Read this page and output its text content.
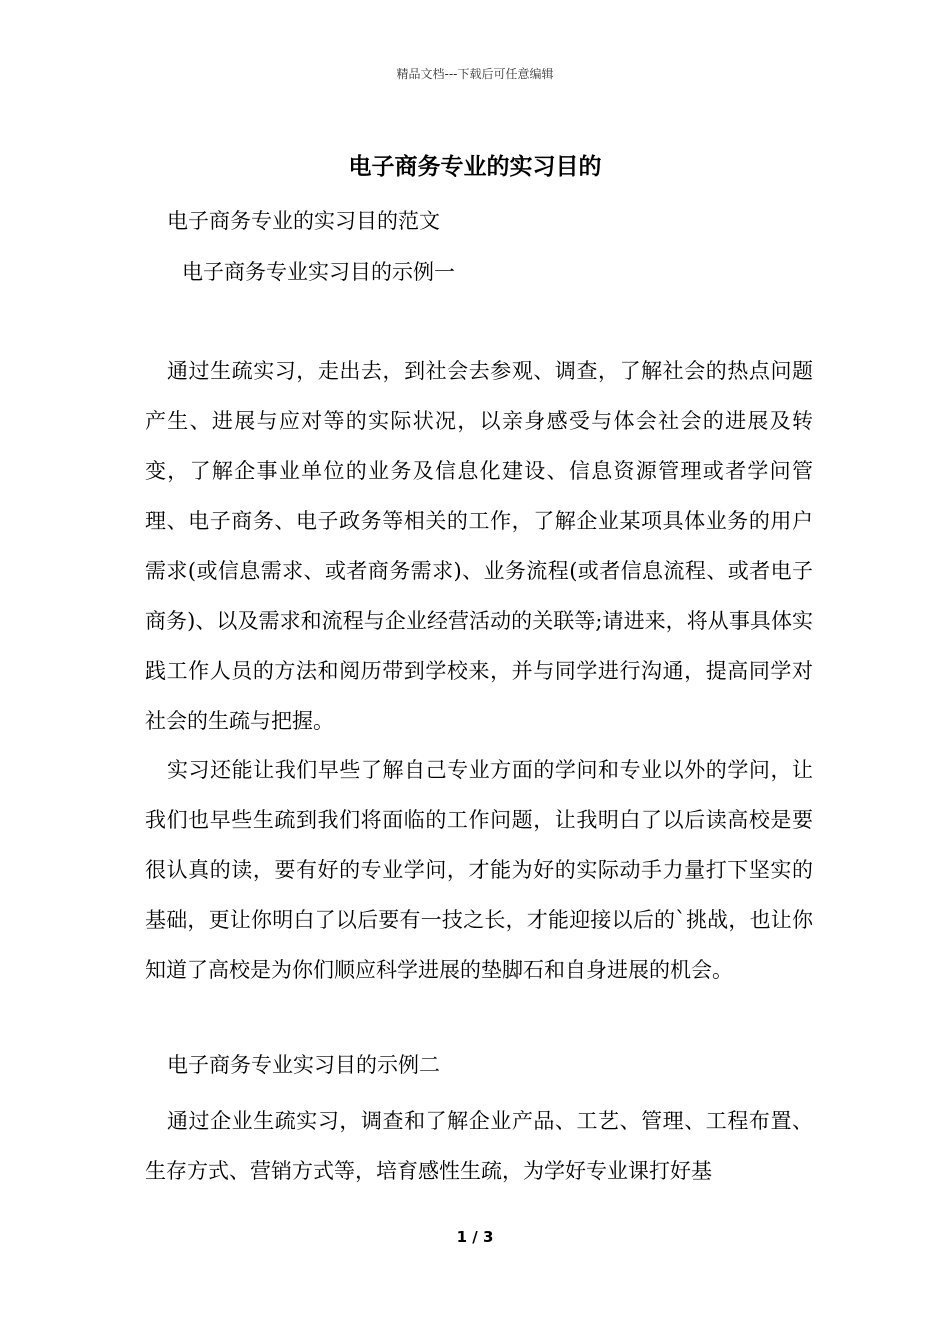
精品文档---下载后可任意编辑
电子商务专业的实习目的

电子商务专业的实习目的范文

电子商务专业实习目的示例一

通过生疏实习，走出去，到社会去参观、调查，了解社会的热点问题产生、进展与应对等的实际状况，以亲身感受与体会社会的进展及转变，了解企事业单位的业务及信息化建设、信息资源管理或者学问管理、电子商务、电子政务等相关的工作，了解企业某项具体业务的用户需求(或信息需求、或者商务需求)、业务流程(或者信息流程、或者电子商务)、以及需求和流程与企业经营活动的关联等;请进来，将从事具体实践工作人员的方法和阅历带到学校来，并与同学进行沟通，提高同学对社会的生疏与把握。

实习还能让我们早些了解自己专业方面的学问和专业以外的学问，让我们也早些生疏到我们将面临的工作问题，让我明白了以后读高校是要很认真的读，要有好的专业学问，才能为好的实际动手力量打下坚实的基础，更让你明白了以后要有一技之长，才能迎接以后的`挑战，也让你知道了高校是为你们顺应科学进展的垫脚石和自身进展的机会。

电子商务专业实习目的示例二

通过企业生疏实习，调查和了解企业产品、工艺、管理、工程布置、生存方式、营销方式等，培育感性生疏，为学好专业课打好基

1 / 3
